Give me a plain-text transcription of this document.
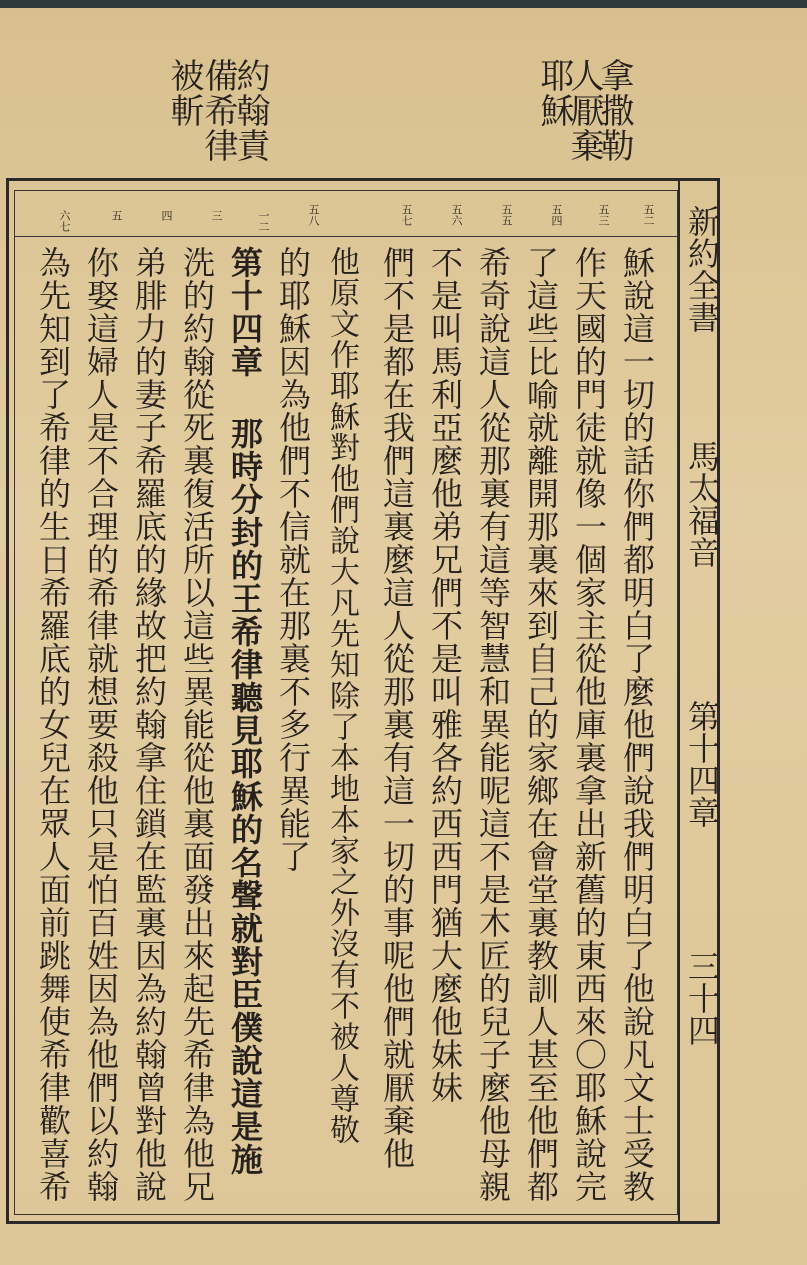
耶穌
人厭棄
拿撒勒
被斬
備希律
約翰責
新約全書
馬太福音
第十四章
三十四
五二
五三
五四
五五
五六
五七
五八
一二
三
四
五
六七
穌說這一切的話你們都明白了麼他們說我們明白了他說凡文士受教
作天國的門徒就像一個家主從他庫裏拿出新舊的東西來〇耶穌說完
了這些比喻就離開那裏來到自己的家鄉在會堂裏教訓人甚至他們都
希奇說這人從那裏有這等智慧和異能呢這不是木匠的兒子麼他母親
不是叫馬利亞麼他弟兄們不是叫雅各約西西門猶大麼他妹妹
們不是都在我們這裏麼這人從那裏有這一切的事呢他們就厭棄他
他原文作耶穌對他們說大凡先知除了本地本家之外沒有不被人尊敬
的耶穌因為他們不信就在那裏不多行異能了
第十四章 那時分封的王希律聽見耶穌的名聲就對臣僕說這是施
洗的約翰從死裏復活所以這些異能從他裏面發出來起先希律為他兄
弟腓力的妻子希羅底的緣故把約翰拿住鎖在監裏因為約翰曾對他說
你娶這婦人是不合理的希律就想要殺他只是怕百姓因為他們以約翰
為先知到了希律的生日希羅底的女兒在眾人面前跳舞使希律歡喜希
